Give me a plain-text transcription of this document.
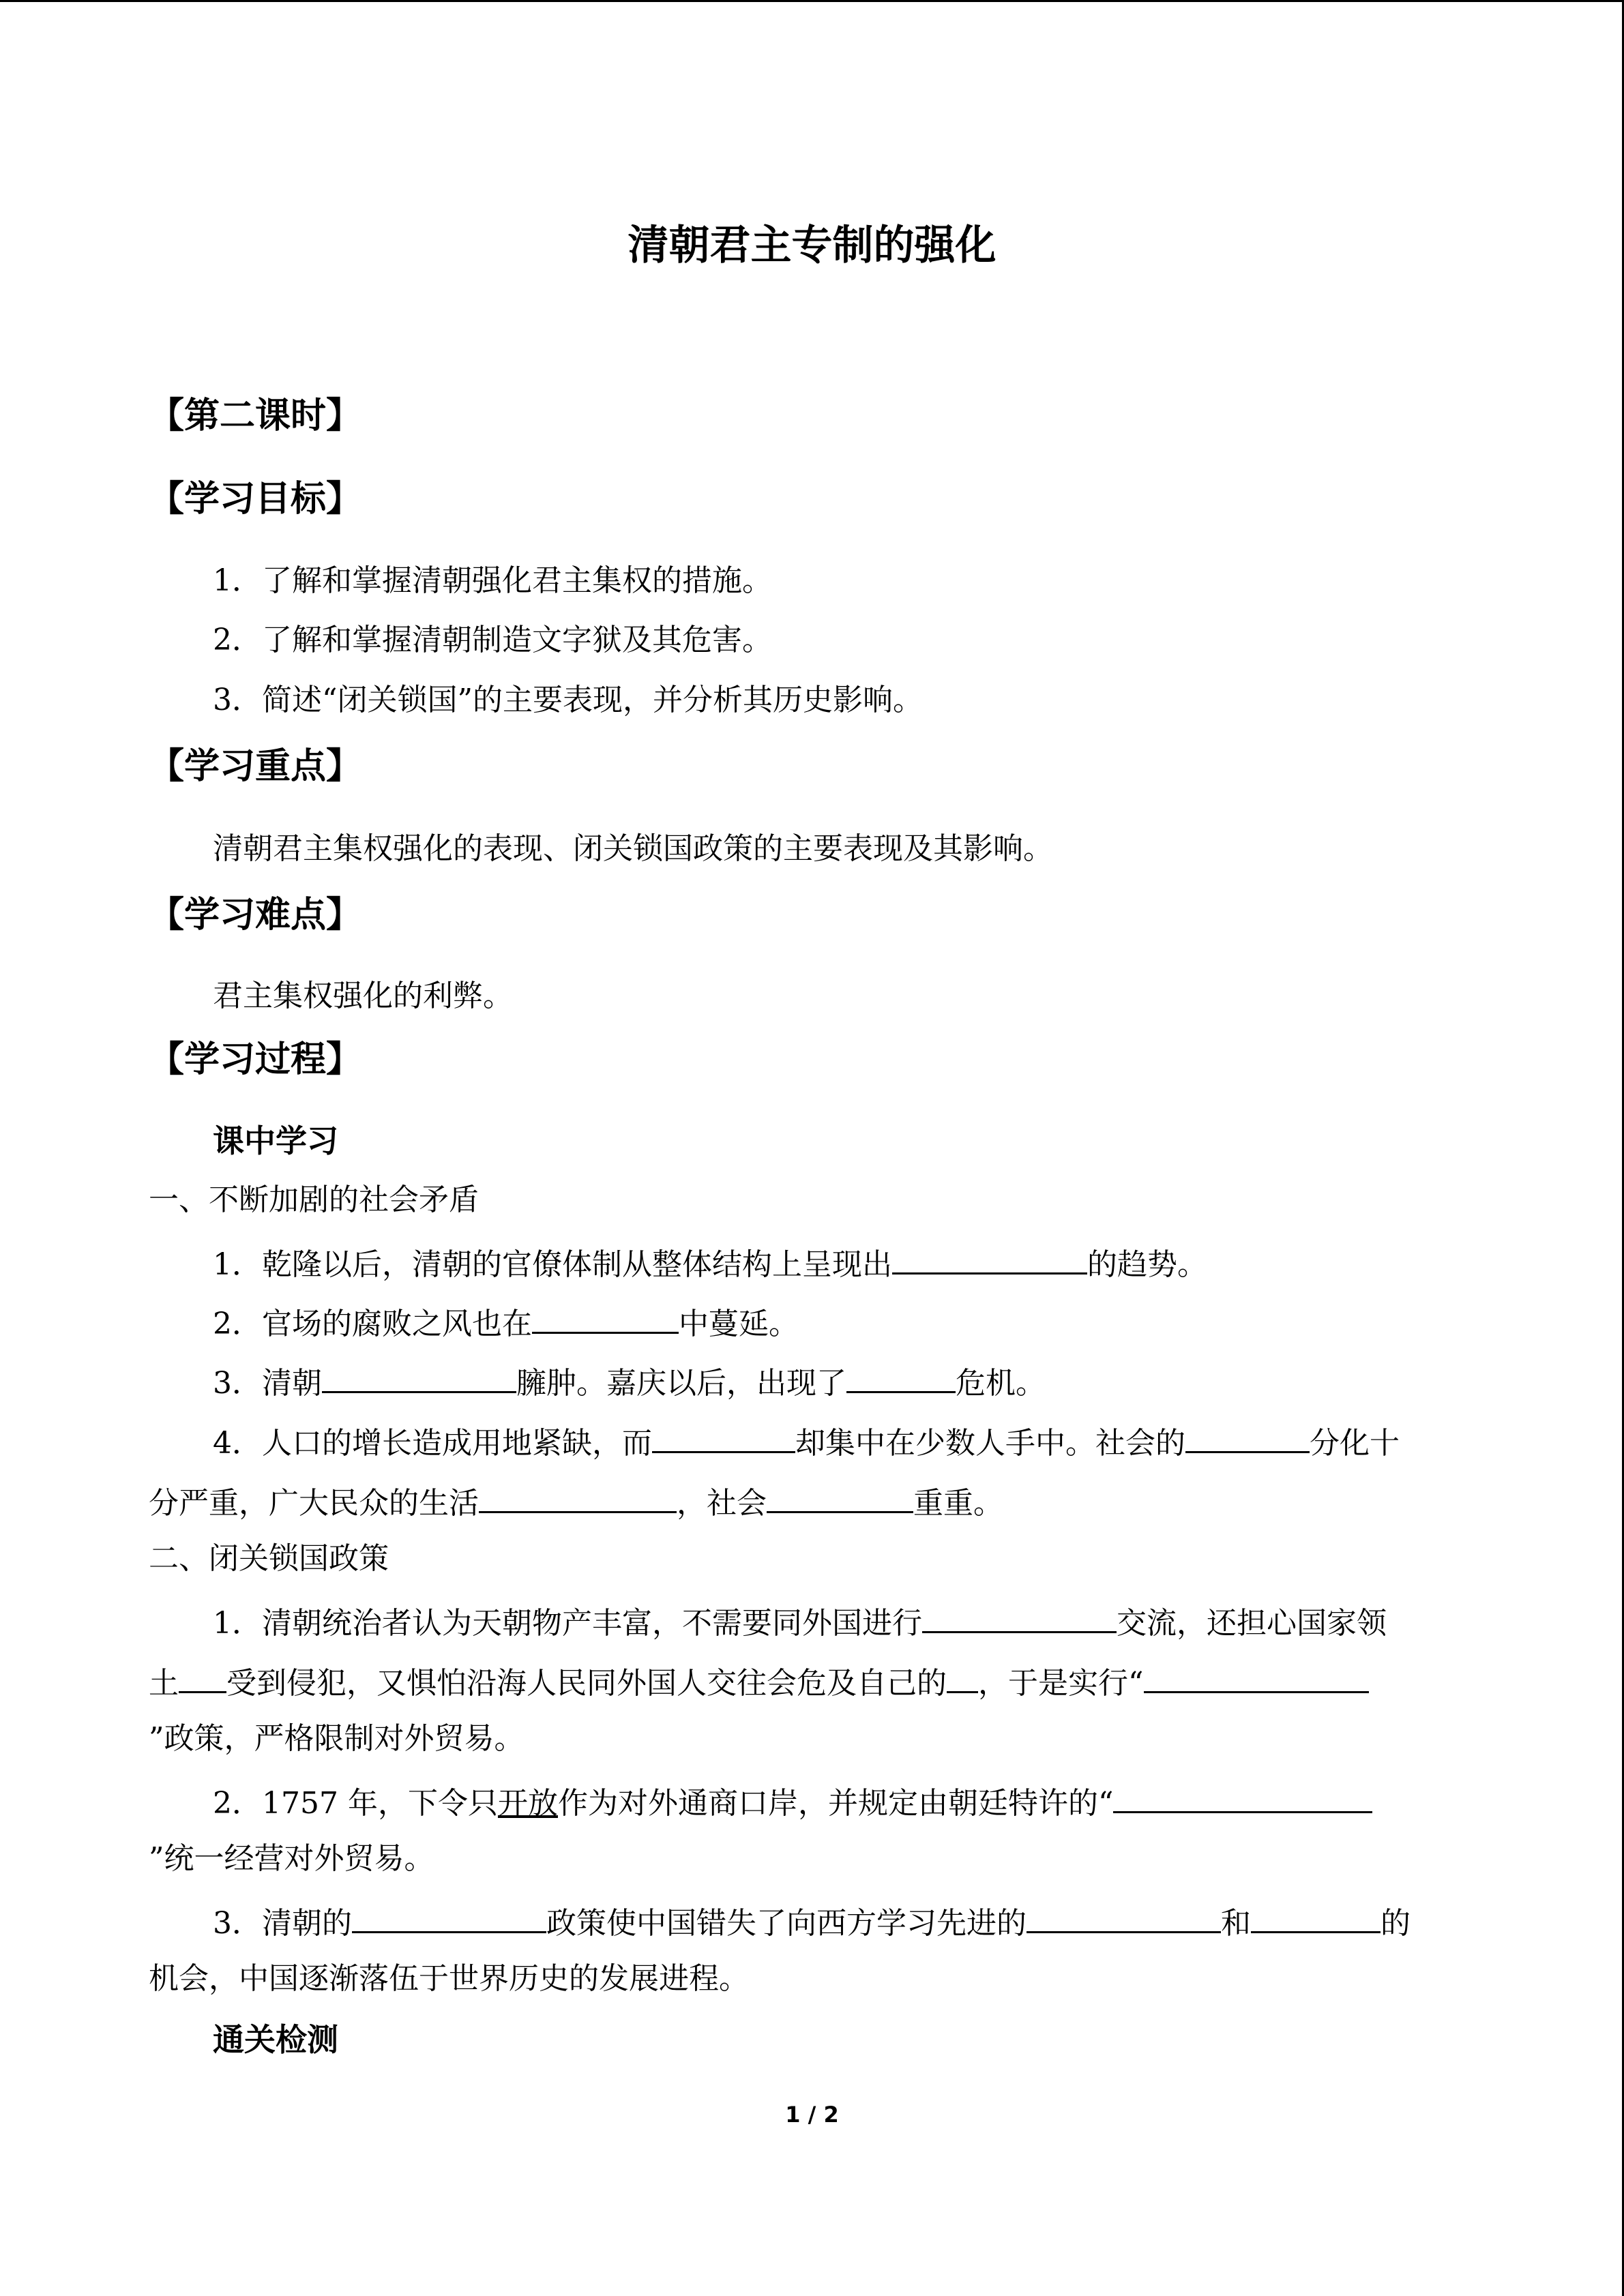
清朝君主专制的强化
【第二课时】
【学习目标】
1．了解和掌握清朝强化君主集权的措施。
2．了解和掌握清朝制造文字狱及其危害。
3．简述“闭关锁国”的主要表现，并分析其历史影响。
【学习重点】
清朝君主集权强化的表现、闭关锁国政策的主要表现及其影响。
【学习难点】
君主集权强化的利弊。
【学习过程】
课中学习
一、不断加剧的社会矛盾
1．乾隆以后，清朝的官僚体制从整体结构上呈现出	的趋势。
2．官场的腐败之风也在	中蔓延。
3．清朝	臃肿。嘉庆以后，出现了	危机。
4．人口的增长造成用地紧缺，而	却集中在少数人手中。社会的	分化十
分严重，广大民众的生活	，社会	重重。
二、闭关锁国政策
1．清朝统治者认为天朝物产丰富，不需要同外国进行	交流，还担心国家领
土 受到侵犯，又惧怕沿海人民同外国人交往会危及自己的 ，于是实行“
”政策，严格限制对外贸易。
2．1757 年，下令只开放作为对外通商口岸，并规定由朝廷特许的“
”统一经营对外贸易。
3．清朝的	政策使中国错失了向西方学习先进的	和	的
机会，中国逐渐落伍于世界历史的发展进程。
通关检测
1 / 2
